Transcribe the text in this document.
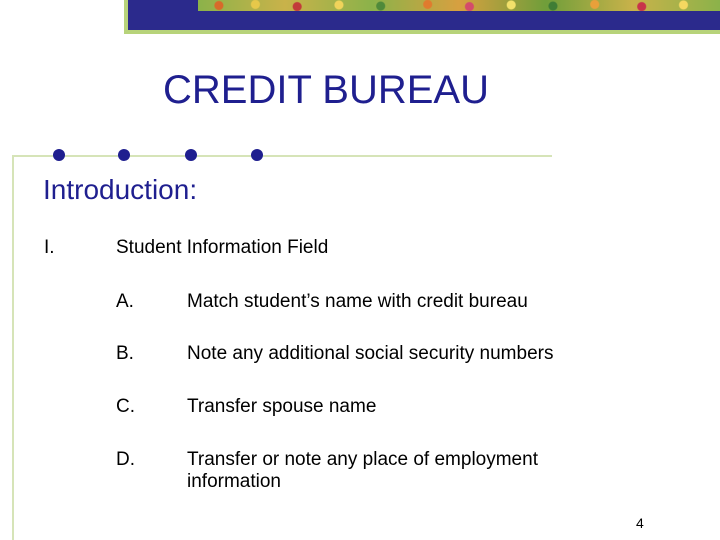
CREDIT BUREAU
Introduction:
I.	Student Information Field
A.	Match student’s name with credit bureau
B.	Note any additional social security numbers
C.	Transfer spouse name
D.	Transfer or note any place of employment
information
4
